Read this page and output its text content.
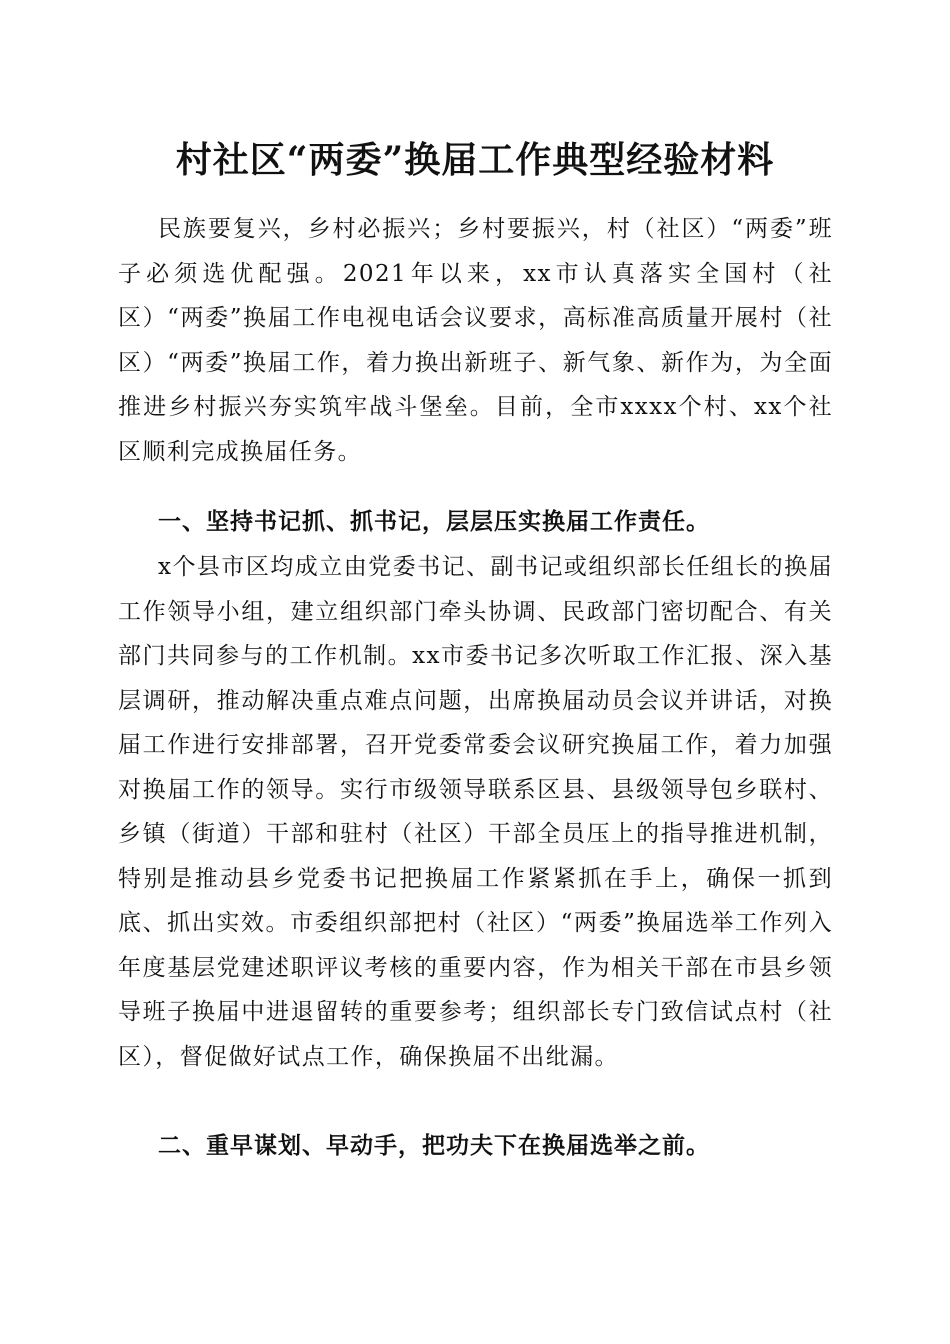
村社区“两委”换届工作典型经验材料
民族要复兴，乡村必振兴；乡村要振兴，村（社区）“两委”班子必须选优配强。2021年以来，xx市认真落实全国村（社区）“两委”换届工作电视电话会议要求，高标准高质量开展村（社区）“两委”换届工作，着力换出新班子、新气象、新作为，为全面推进乡村振兴夯实筑牢战斗堡垒。目前，全市xxxx个村、xx个社区顺利完成换届任务。
一、坚持书记抓、抓书记，层层压实换届工作责任。
x个县市区均成立由党委书记、副书记或组织部长任组长的换届工作领导小组，建立组织部门牵头协调、民政部门密切配合、有关部门共同参与的工作机制。xx市委书记多次听取工作汇报、深入基层调研，推动解决重点难点问题，出席换届动员会议并讲话，对换届工作进行安排部署，召开党委常委会议研究换届工作，着力加强对换届工作的领导。实行市级领导联系区县、县级领导包乡联村、乡镇（街道）干部和驻村（社区）干部全员压上的指导推进机制，特别是推动县乡党委书记把换届工作紧紧抓在手上，确保一抓到底、抓出实效。市委组织部把村（社区）“两委”换届选举工作列入年度基层党建述职评议考核的重要内容，作为相关干部在市县乡领导班子换届中进退留转的重要参考；组织部长专门致信试点村（社区），督促做好试点工作，确保换届不出纰漏。
二、重早谋划、早动手，把功夫下在换届选举之前。
